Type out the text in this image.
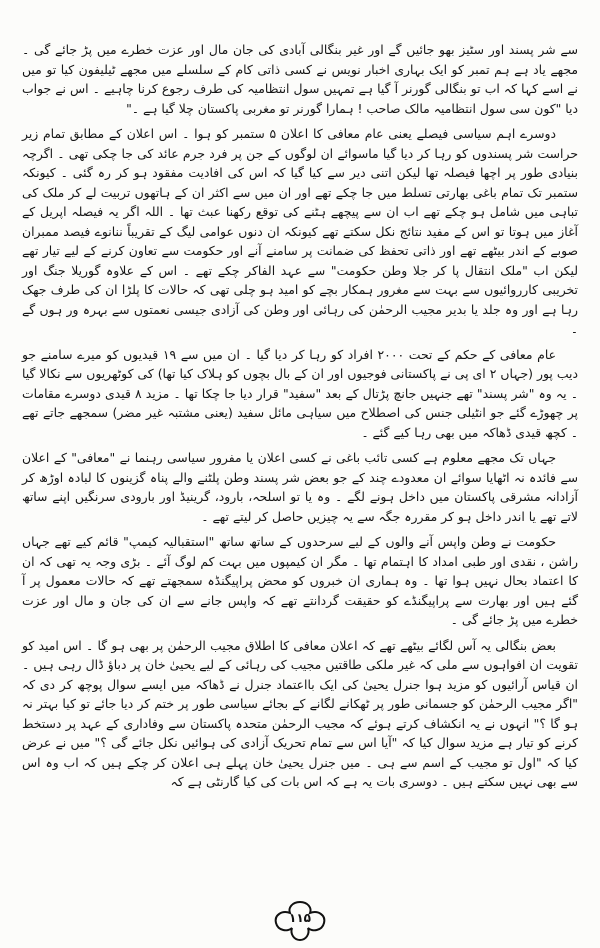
سے شر پسند اور سٹیز بھو جائیں گے اور غیر بنگالی آبادی کی جان مال اور عزت خطرے میں پڑ جائے گی ۔ مجھے یاد ہے ہم تمبر کو ایک بہاری اخبار نویس نے کسی ذاتی کام کے سلسلے میں مجھے ٹیلیفون کیا تو میں نے اسے کہا کہ اب تو بنگالی گورنر آ گیا ہے تمہیں سول انتظامیہ کی طرف رجوع کرنا چاہیے ۔ اس نے جواب دیا "کون سی سول انتظامیہ مالک صاحب ! ہمارا گورنر تو مغربی پاکستان چلا گیا ہے ۔"

دوسرے اہم سیاسی فیصلے یعنی عام معافی کا اعلان ۵ ستمبر کو ہوا ۔ اس اعلان کے مطابق تمام زیر حراست شر پسندوں کو رہا کر دیا گیا ماسوائے ان لوگوں کے جن پر فرد جرم عائد کی جا چکی تھی ۔ اگرچہ بنیادی طور پر اچھا فیصلہ تھا لیکن اتنی دیر سے کیا گیا کہ اس کی افادیت مفقود ہو کر رہ گئی ۔ کیونکہ ستمبر تک تمام باغی بھارتی تسلط میں جا چکے تھے اور ان میں سے اکثر ان کے ہاتھوں تربیت لے کر ملک کی تباہی میں شامل ہو چکے تھے اب ان سے پیچھے ہٹنے کی توقع رکھنا عبث تھا ۔ اللہ اگر یہ فیصلہ اپریل کے آغاز میں ہوتا تو اس کے مفید نتائج نکل سکتے تھے کیونکہ ان دنوں عوامی لیگ کے تقریباً ننانوے فیصد ممبران صوبے کے اندر بیٹھے تھے اور ذاتی تحفظ کی ضمانت پر سامنے آنے اور حکومت سے تعاون کرنے کے لیے تیار تھے لیکن اب "ملک انتقال پا کر جلا وطن حکومت" سے عہد الفاکر چکے تھے ۔ اس کے علاوہ گوریلا جنگ اور تخریبی کارروائیوں سے بہت سے مغرور ہمکار بچے کو امید ہو چلی تھی کہ حالات کا پلڑا ان کی طرف جھک رہا ہے اور وہ جلد یا بدیر مجیب الرحمٰن کی رہائی اور وطن کی آزادی جیسی نعمتوں سے بہرہ ور ہوں گے ۔

عام معافی کے حکم کے تحت ۲۰۰۰ افراد کو رہا کر دیا گیا ۔ ان میں سے ۱۹ قیدیوں کو میرے سامنے جو دیب پور (جہاں ۲ ای پی نے پاکستانی فوجیوں اور ان کے بال بچوں کو ہلاک کیا تھا) کی کوٹھریوں سے نکالا گیا ۔ یہ وہ "شر پسند" تھے جنہیں جانچ پڑتال کے بعد "سفید" قرار دیا جا چکا تھا ۔ مزید ۸ قیدی دوسرے مقامات پر چھوڑے گئے جو انٹیلی جنس کی اصطلاح میں سیاہی مائل سفید (یعنی مشتبہ غیر مضر) سمجھے جاتے تھے ۔ کچھ قیدی ڈھاکہ میں بھی رہا کیے گئے ۔

جہاں تک مجھے معلوم ہے کسی تائب باغی نے کسی اعلان یا مفرور سیاسی رہنما نے "معافی" کے اعلان سے فائدہ نہ اٹھایا سوائے ان معدودے چند کے جو بعض شر پسند وطن پلٹنے والے پناہ گزینوں کا لبادہ اوڑھ کر آزادانہ مشرقی پاکستان میں داخل ہونے لگے ۔ وہ یا تو اسلحہ، بارود، گرینیڈ اور بارودی سرنگیں اپنے ساتھ لاتے تھے یا اندر داخل ہو کر مقررہ جگہ سے یہ چیزیں حاصل کر لیتے تھے ۔

حکومت نے وطن واپس آنے والوں کے لیے سرحدوں کے ساتھ ساتھ "استقبالیہ کیمپ" قائم کیے تھے جہاں راشن ، نقدی اور طبی امداد کا اہتمام تھا ۔ مگر ان کیمپوں میں بہت کم لوگ آئے ۔ بڑی وجہ یہ تھی کہ ان کا اعتماد بحال نہیں ہوا تھا ۔ وہ ہماری ان خبروں کو محض پراپیگنڈہ سمجھتے تھے کہ حالات معمول پر آ گئے ہیں اور بھارت سے پراپیگنڈے کو حقیقت گردانتے تھے کہ واپس جانے سے ان کی جان و مال اور عزت خطرے میں پڑ جائے گی ۔

بعض بنگالی یہ آس لگائے بیٹھے تھے کہ اعلان معافی کا اطلاق مجیب الرحمٰن پر بھی ہو گا ۔ اس امید کو تقویت ان افواہوں سے ملی کہ غیر ملکی طاقتیں مجیب کی رہائی کے لیے یحییٰ خان پر دباؤ ڈال رہی ہیں ۔ ان قیاس آرائیوں کو مزید ہوا جنرل یحییٰ کی ایک بااعتماد جنرل نے ڈھاکہ میں ایسے سوال پوچھ کر دی کہ "اگر مجیب الرحمٰن کو جسمانی طور پر ٹھکانے لگانے کے بجائے سیاسی طور پر ختم کر دیا جائے تو کیا بہتر نہ ہو گا ؟" انہوں نے یہ انکشاف کرتے ہوئے کہ مجیب الرحمٰن متحدہ پاکستان سے وفاداری کے عہد پر دستخط کرنے کو تیار ہے مزید سوال کیا کہ "آیا اس سے تمام تحریک آزادی کی ہوائیں نکل جائے گی ؟" میں نے عرض کیا کہ "اول تو مجیب کے اسم سے ہی ۔ میں جنرل یحییٰ خان پہلے ہی اعلان کر چکے ہیں کہ اب وہ اس سے بھی نہیں سکتے ہیں ۔ دوسری بات یہ ہے کہ اس بات کی کیا گارنٹی ہے کہ

۱۱۵
